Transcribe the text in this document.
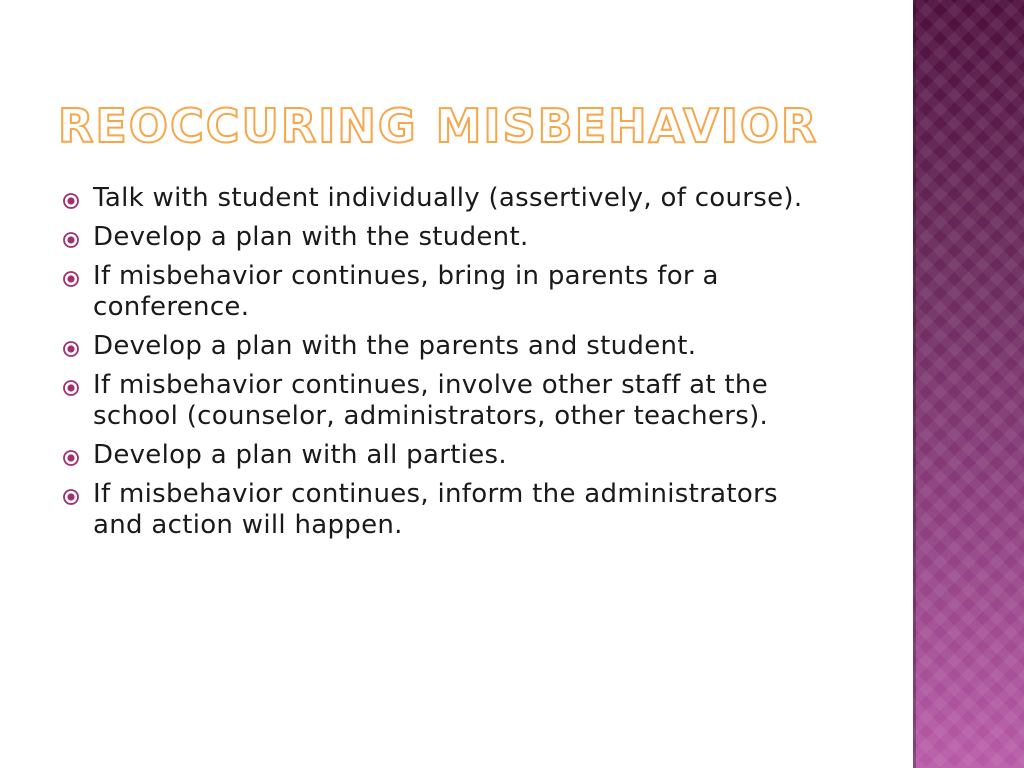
REOCCURING MISBEHAVIOR
Talk with student individually (assertively, of course).
Develop a plan with the student.
If misbehavior continues, bring in parents for a conference.
Develop a plan with the parents and student.
If misbehavior continues, involve other staff at the school (counselor, administrators, other teachers).
Develop a plan with all parties.
If misbehavior continues, inform the administrators and action will happen.
